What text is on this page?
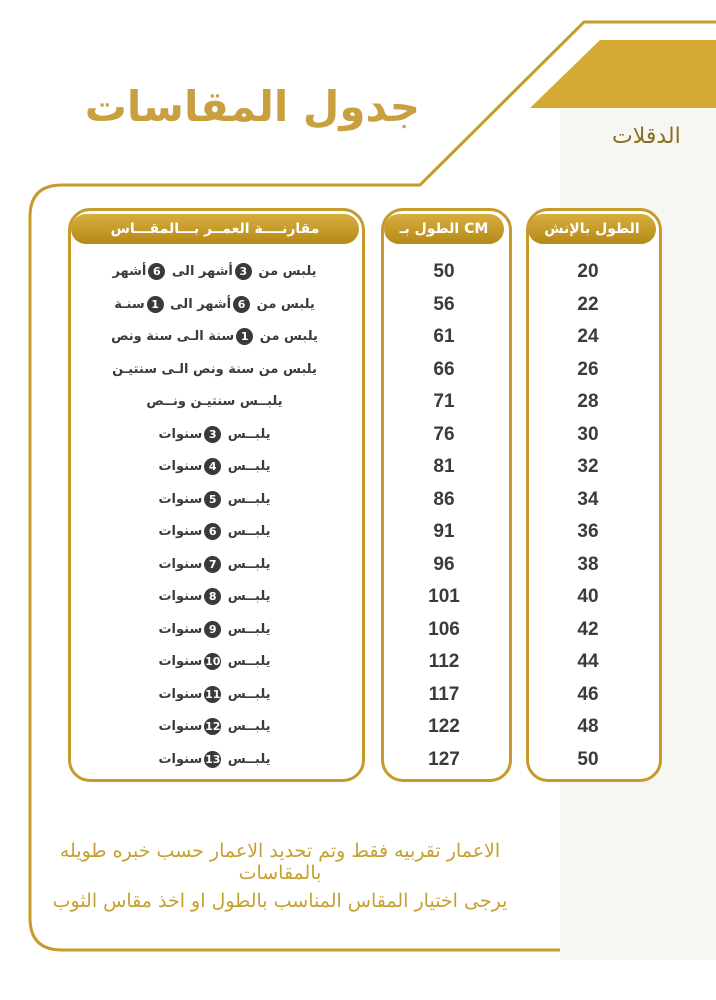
جدول المقاسات
الدقلات
الطول بالإنش
20
22
24
26
28
30
32
34
36
38
40
42
44
46
48
50
الطول بـ CM
50
56
61
66
71
76
81
86
91
96
101
106
112
117
122
127
مقارنــــة العمــر بـــالمقـــاس
يلبس من 3أشهر الى 6أشهر
يلبس من 6أشهر الى 1سنـة
يلبس من 1سنة الـى سنة ونص
يلبس من سنة ونص الـى سنتيـن
يلبــس سنتيـن ونــص
يلبــس 3سنوات
يلبــس 4سنوات
يلبــس 5سنوات
يلبــس 6سنوات
يلبــس 7سنوات
يلبــس 8سنوات
يلبــس 9سنوات
يلبــس 10سنوات
يلبــس 11سنوات
يلبــس 12سنوات
يلبــس 13سنوات
الاعمار تقربيه فقط وتم تحديد الاعمار حسب خبره طويله بالمقاسات
يرجى اختيار المقاس المناسب بالطول او اخذ مقاس الثوب
